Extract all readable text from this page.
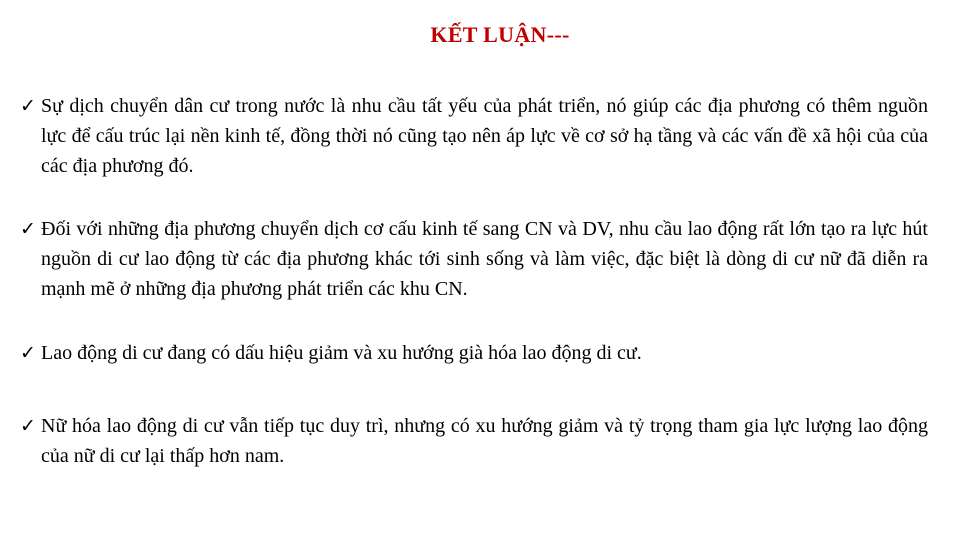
KẾT LUẬN---

✓ Sự dịch chuyển dân cư trong nước là nhu cầu tất yếu của phát triển, nó giúp các địa phương có thêm nguồn lực để cấu trúc lại nền kinh tế, đồng thời nó cũng tạo nên áp lực về cơ sở hạ tầng và các vấn đề xã hội của của các địa phương đó.

✓ Đối với những địa phương chuyển dịch cơ cấu kinh tế sang CN và DV, nhu cầu lao động rất lớn tạo ra lực hút nguồn di cư lao động từ các địa phương khác tới sinh sống và làm việc, đặc biệt là dòng di cư nữ đã diễn ra mạnh mẽ ở những địa phương phát triển các khu CN.

✓ Lao động di cư đang có dấu hiệu giảm và xu hướng già hóa lao động di cư.

✓ Nữ hóa lao động di cư vẫn tiếp tục duy trì, nhưng có xu hướng giảm và tỷ trọng tham gia lực lượng lao động của nữ di cư lại thấp hơn nam.
